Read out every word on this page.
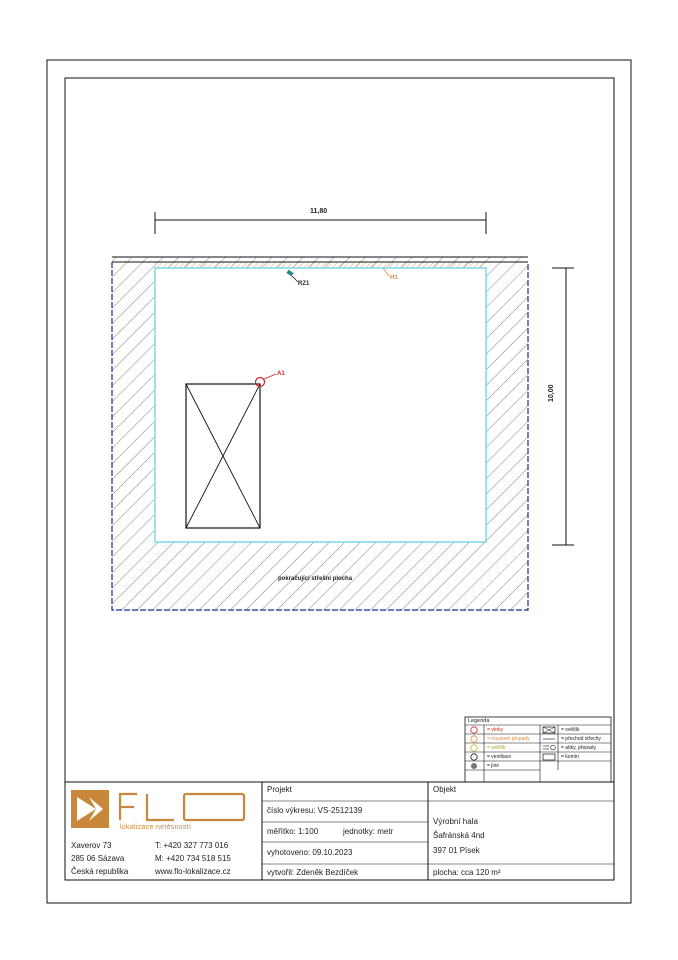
11,80
10,00
RZ1
H1
A1
pokračující střešní plocha
Legenda
= vtoky
= nouzové přepady
= světlík
= ventilace
= jiné
= světlík
= přechod střechy
= atiky, přepady
= komín
lokalizace netěsností
Xaverov 73
285 06 Sázava
Česká republika
T: +420 327 773 016
M: +420 734 518 515
www.flo-lokalizace.cz
Projekt
číslo výkresu: VS-2512139
měřítko: 1:100	jednotky: metr
vyhotoveno: 09.10.2023
vytvořil: Zdeněk Bezdíček
Objekt
Výrobní hala
Šafránská 4nd
397 01 Písek
plocha: cca 120 m²
